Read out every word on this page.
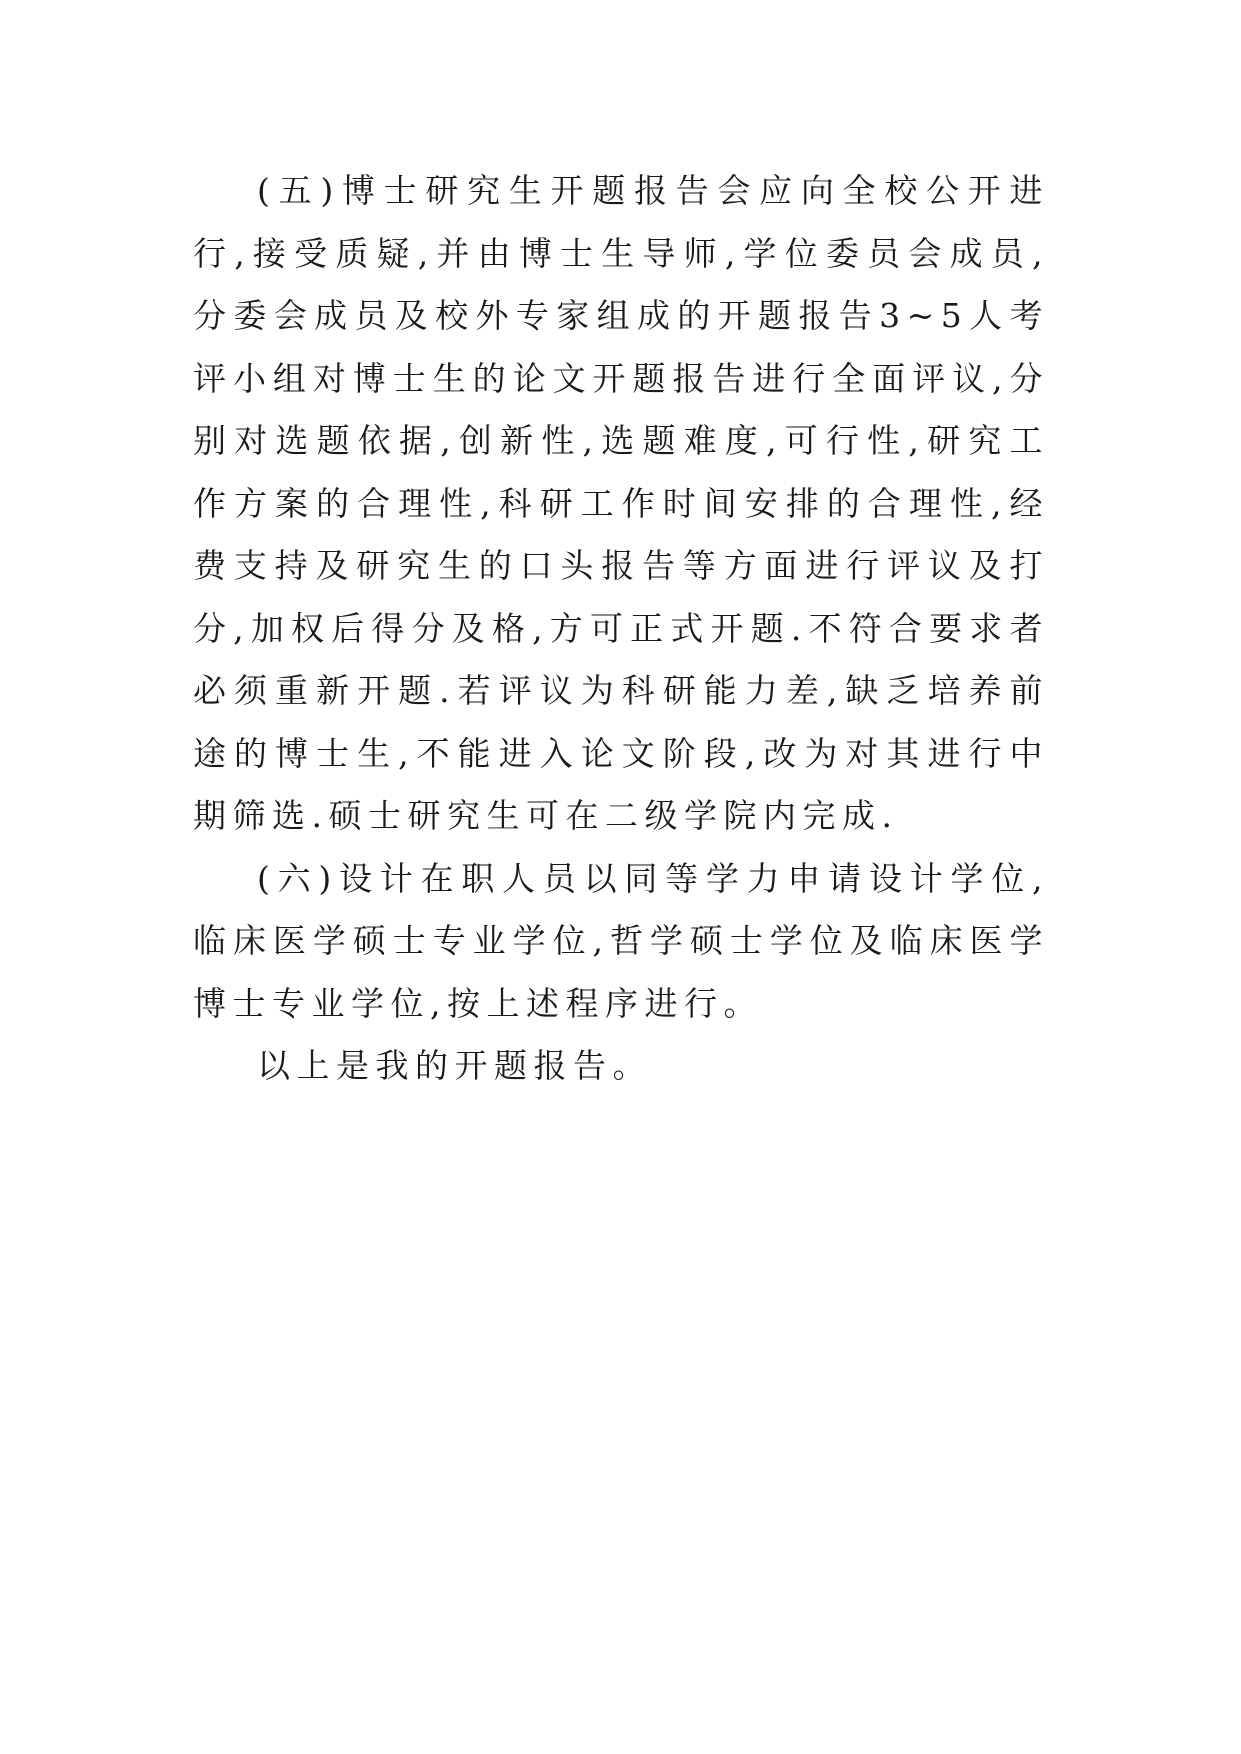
(五)博士研究生开题报告会应向全校公开进行,接受质疑,并由博士生导师,学位委员会成员,分委会成员及校外专家组成的开题报告3~5人考评小组对博士生的论文开题报告进行全面评议,分别对选题依据,创新性,选题难度,可行性,研究工作方案的合理性,科研工作时间安排的合理性,经费支持及研究生的口头报告等方面进行评议及打分,加权后得分及格,方可正式开题.不符合要求者必须重新开题.若评议为科研能力差,缺乏培养前途的博士生,不能进入论文阶段,改为对其进行中期筛选.硕士研究生可在二级学院内完成.

(六)设计在职人员以同等学力申请设计学位,临床医学硕士专业学位,哲学硕士学位及临床医学博士专业学位,按上述程序进行。

以上是我的开题报告。
